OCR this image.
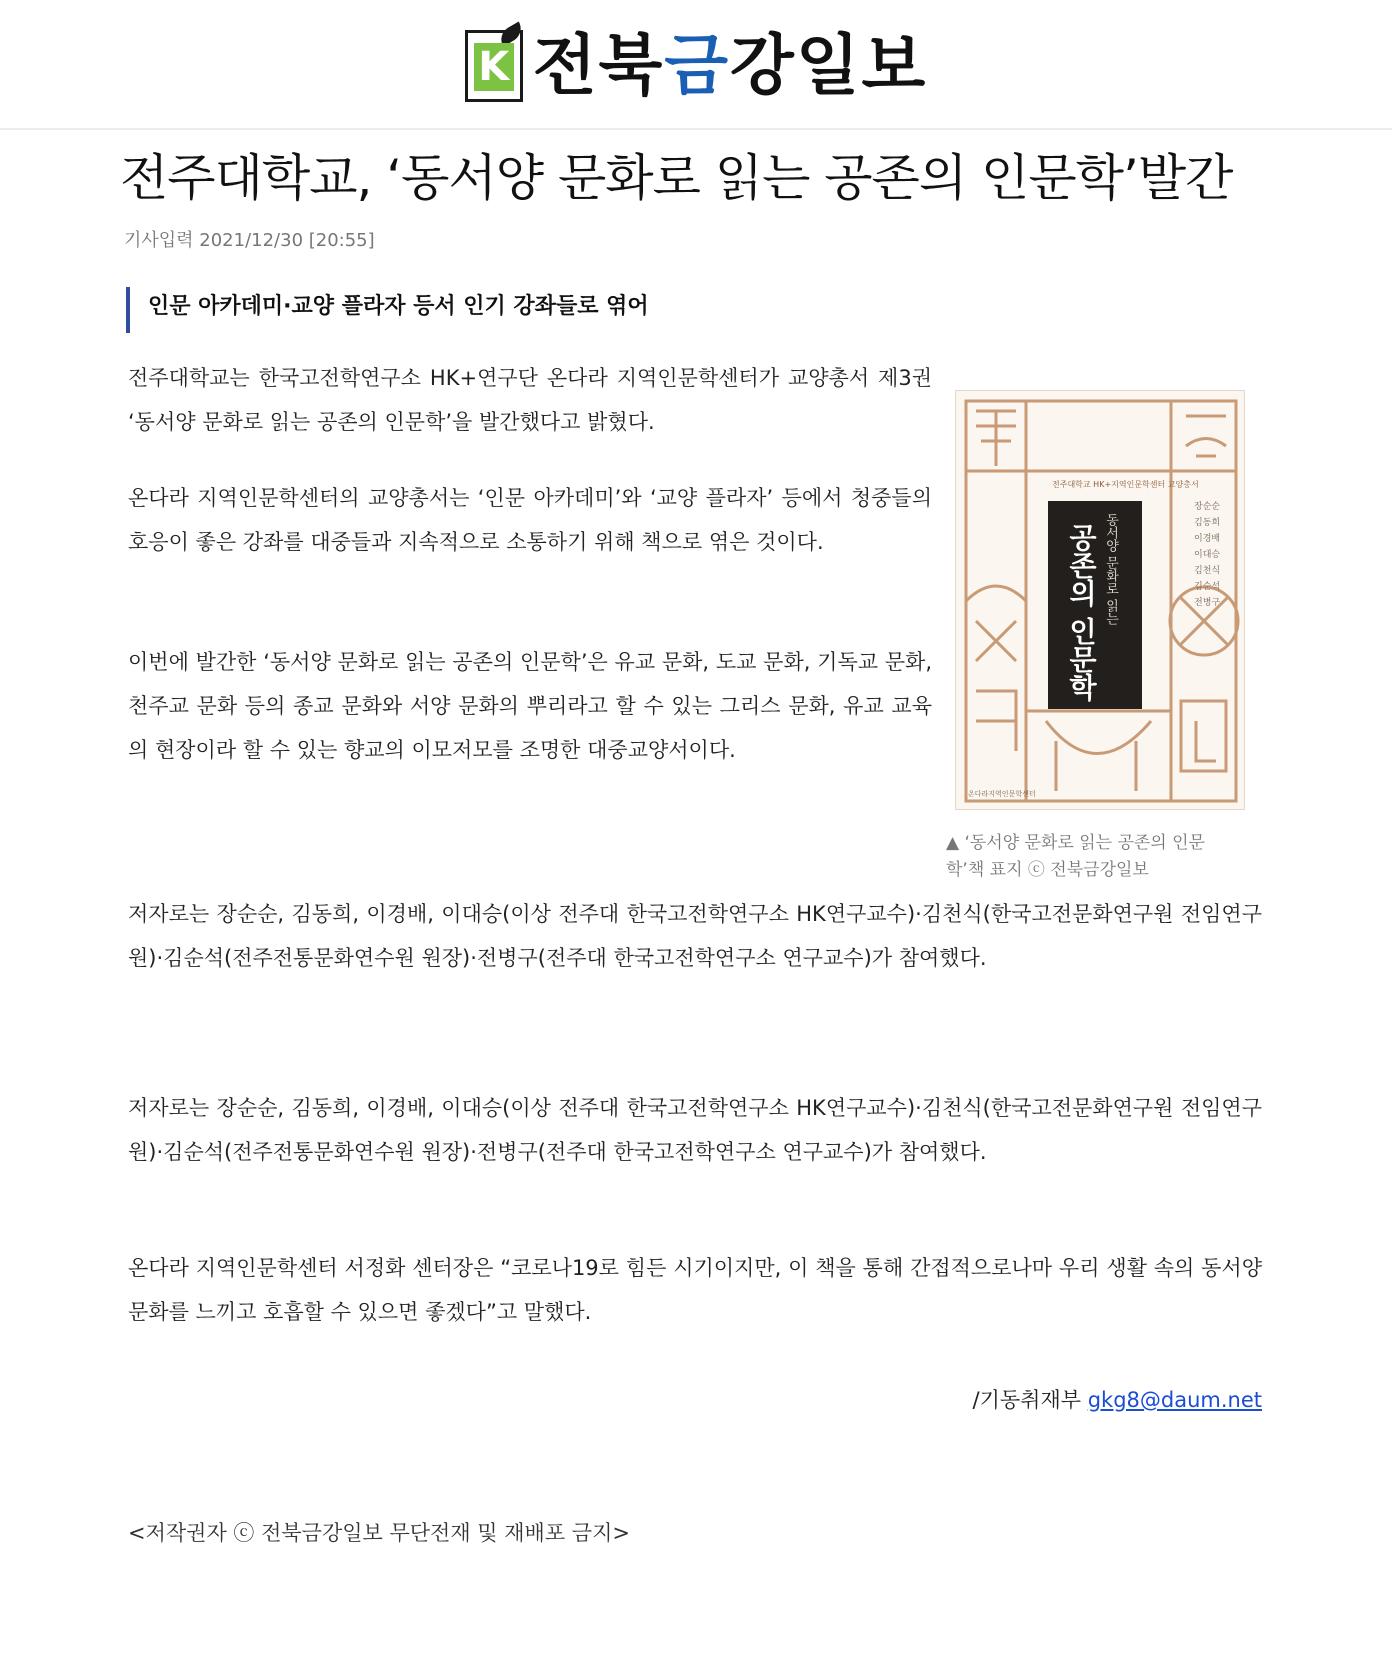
K 전북금강일보
전주대학교, ‘동서양 문화로 읽는 공존의 인문학’발간
기사입력 2021/12/30 [20:55]
인문 아카데미·교양 플라자 등서 인기 강좌들로 엮어
전주대학교는 한국고전학연구소 HK+연구단 온다라 지역인문학센터가 교양총서 제3권 ‘동서양 문화로 읽는 공존의 인문학’을 발간했다고 밝혔다.
온다라 지역인문학센터의 교양총서는 ‘인문 아카데미’와 ‘교양 플라자’ 등에서 청중들의 호응이 좋은 강좌를 대중들과 지속적으로 소통하기 위해 책으로 엮은 것이다.
이번에 발간한 ‘동서양 문화로 읽는 공존의 인문학’은 유교 문화, 도교 문화, 기독교 문화, 천주교 문화 등의 종교 문화와 서양 문화의 뿌리라고 할 수 있는 그리스 문화, 유교 교육의 현장이라 할 수 있는 향교의 이모저모를 조명한 대중교양서이다.
전주대학교 HK+지역인문학센터 교양총서
공존의 인문학 동서양 문화로 읽는
장순순
김동희
이경배
이대승
김천식
김순석
전병구
온다라지역인문학센터
▲ ‘동서양 문화로 읽는 공존의 인문학’책 표지 ⓒ 전북금강일보
저자로는 장순순, 김동희, 이경배, 이대승(이상 전주대 한국고전학연구소 HK연구교수)·김천식(한국고전문화연구원 전임연구원)·김순석(전주전통문화연수원 원장)·전병구(전주대 한국고전학연구소 연구교수)가 참여했다.
저자로는 장순순, 김동희, 이경배, 이대승(이상 전주대 한국고전학연구소 HK연구교수)·김천식(한국고전문화연구원 전임연구원)·김순석(전주전통문화연수원 원장)·전병구(전주대 한국고전학연구소 연구교수)가 참여했다.
온다라 지역인문학센터 서정화 센터장은 “코로나19로 힘든 시기이지만, 이 책을 통해 간접적으로나마 우리 생활 속의 동서양 문화를 느끼고 호흡할 수 있으면 좋겠다”고 말했다.
/기동취재부 gkg8@daum.net
<저작권자 ⓒ 전북금강일보 무단전재 및 재배포 금지>
